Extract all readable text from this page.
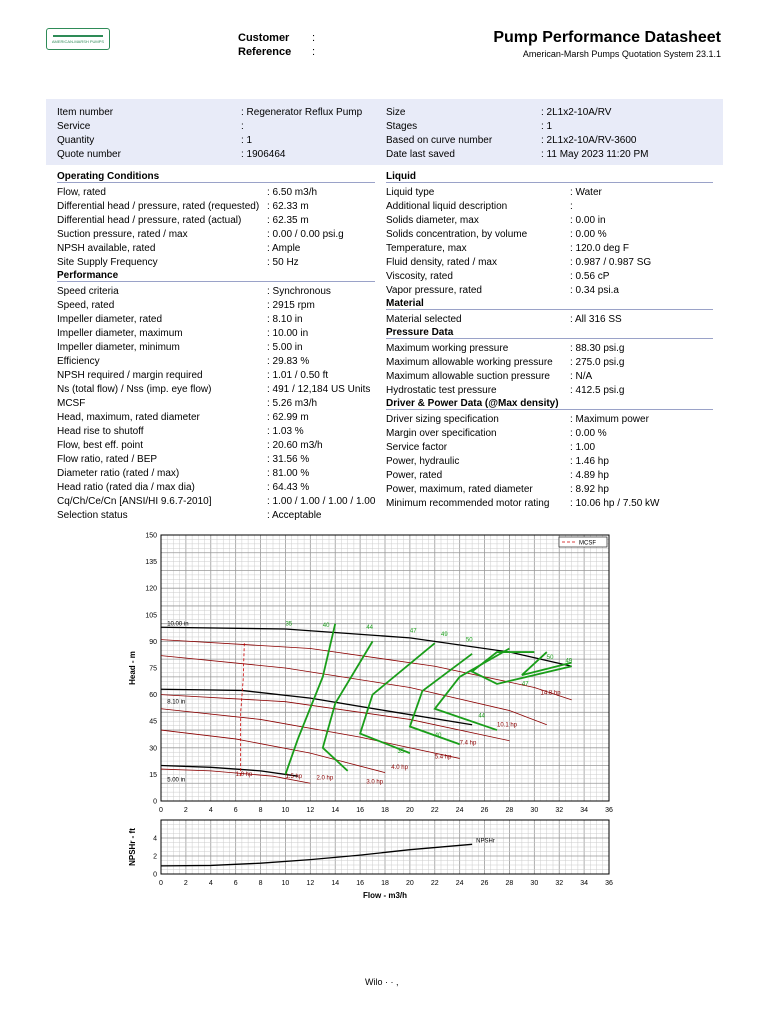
AMERICAN-MARSH PUMPS	Customer
Reference
:
:
Pump Performance Datasheet
American-Marsh Pumps Quotation System 23.1.1
Item number	: Regenerator Reflux Pump
Service	:
Quantity	: 1
Quote number	: 1906464
Size	: 2L1x2-10A/RV
Stages	: 1
Based on curve number	: 2L1x2-10A/RV-3600
Date last saved	: 11 May 2023 11:20 PM
Operating Conditions
Flow, rated	: 6.50 m3/h
Differential head / pressure, rated (requested) : 62.33 m
Differential head / pressure, rated (actual)	: 62.35 m
Suction pressure, rated / max	: 0.00 / 0.00 psi.g
NPSH available, rated	: Ample
Site Supply Frequency	: 50 Hz
Performance
Speed criteria	: Synchronous
Speed, rated	: 2915 rpm
Impeller diameter, rated	: 8.10 in
Impeller diameter, maximum	: 10.00 in
Impeller diameter, minimum	: 5.00 in
Efficiency	: 29.83 %
NPSH required / margin required	: 1.01 / 0.50 ft
Ns (total flow) / Nss (imp. eye flow)	: 491 / 12,184 US Units
MCSF	: 5.26 m3/h
Head, maximum, rated diameter	: 62.99 m
Head rise to shutoff	: 1.03 %
Flow, best eff. point	: 20.60 m3/h
Flow ratio, rated / BEP	: 31.56 %
Diameter ratio (rated / max)	: 81.00 %
Head ratio (rated dia / max dia)	: 64.43 %
Cq/Ch/Ce/Cn [ANSI/HI 9.6.7-2010]	: 1.00 / 1.00 / 1.00 / 1.00
Selection status	: Acceptable
Liquid
Liquid type	: Water
Additional liquid description	:
Solids diameter, max	: 0.00 in
Solids concentration, by volume	: 0.00 %
Temperature, max	: 120.0 deg F
Fluid density, rated / max	: 0.987 / 0.987 SG
Viscosity, rated	: 0.56 cP
Vapor pressure, rated	: 0.34 psi.a
Material
Material selected	: All 316 SS
Pressure Data
Maximum working pressure	: 88.30 psi.g
Maximum allowable working pressure : 275.0 psi.g
Maximum allowable suction pressure : N/A
Hydrostatic test pressure	: 412.5 psi.g
Driver & Power Data (@Max density)
Driver sizing specification	: Maximum power
Margin over specification	: 0.00 %
Service factor	: 1.00
Power, hydraulic	: 1.46 hp
Power, rated	: 4.89 hp
Power, maximum, rated diameter	: 8.92 hp
Minimum recommended motor rating : 10.06 hp / 7.50 kW
0	2	4	6	8	10 12 14 16 18 20 22 24 26 28 30 32 34 36
0
15
30
45
60
75
90
105
120
135
150
10.00 in
8.10 in
5.00 in
1.0 hp	1.5 hp 2.0 hp
3.0 hp
4.0 hp
5.4 hp
7.4 hp
10.1 hp
14.8 hp
35	40	44
47
49
50
50
49
47
44
40
35
Head - m
MCSF
0	2	4	6	8	10 12 14 16 18 20 22 24 26 28 30 32 34 36
0
2
4	NPSHr
NPSHr - ft
Flow - m3/h
Wilo · · ,
